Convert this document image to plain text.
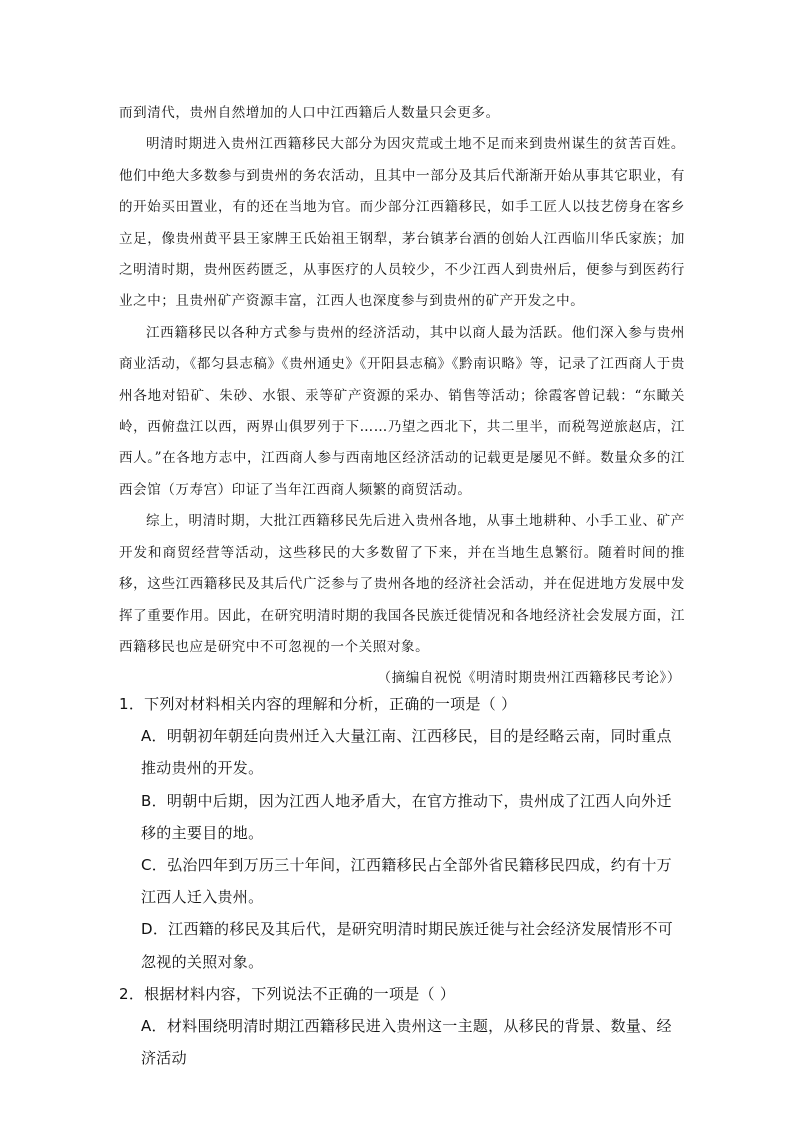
而到清代，贵州自然增加的人口中江西籍后人数量只会更多。

明清时期进入贵州江西籍移民大部分为因灾荒或土地不足而来到贵州谋生的贫苦百姓。他们中绝大多数参与到贵州的务农活动，且其中一部分及其后代渐渐开始从事其它职业，有的开始买田置业，有的还在当地为官。而少部分江西籍移民，如手工匠人以技艺傍身在客乡立足，像贵州黄平县王家牌王氏始祖王钢犁，茅台镇茅台酒的创始人江西临川华氏家族；加之明清时期，贵州医药匮乏，从事医疗的人员较少，不少江西人到贵州后，便参与到医药行业之中；且贵州矿产资源丰富，江西人也深度参与到贵州的矿产开发之中。

江西籍移民以各种方式参与贵州的经济活动，其中以商人最为活跃。他们深入参与贵州商业活动，《都匀县志稿》《贵州通史》《开阳县志稿》《黔南识略》等，记录了江西商人于贵州各地对铅矿、朱砂、水银、汞等矿产资源的采办、销售等活动；徐霞客曾记载：“东瞰关岭，西俯盘江以西，两界山俱罗列于下……乃望之西北下，共二里半，而税驾逆旅赵店，江西人。”在各地方志中，江西商人参与西南地区经济活动的记载更是屡见不鲜。数量众多的江西会馆（万寿宫）印证了当年江西商人频繁的商贸活动。

综上，明清时期，大批江西籍移民先后进入贵州各地，从事土地耕种、小手工业、矿产开发和商贸经营等活动，这些移民的大多数留了下来，并在当地生息繁衍。随着时间的推移，这些江西籍移民及其后代广泛参与了贵州各地的经济社会活动，并在促进地方发展中发挥了重要作用。因此，在研究明清时期的我国各民族迁徙情况和各地经济社会发展方面，江西籍移民也应是研究中不可忽视的一个关照对象。

（摘编自祝悦《明清时期贵州江西籍移民考论》）

1．下列对材料相关内容的理解和分析，正确的一项是（ ）

A．明朝初年朝廷向贵州迁入大量江南、江西移民，目的是经略云南，同时重点推动贵州的开发。

B．明朝中后期，因为江西人地矛盾大，在官方推动下，贵州成了江西人向外迁移的主要目的地。

C．弘治四年到万历三十年间，江西籍移民占全部外省民籍移民四成，约有十万江西人迁入贵州。

D．江西籍的移民及其后代，是研究明清时期民族迁徙与社会经济发展情形不可忽视的关照对象。

2．根据材料内容，下列说法不正确的一项是（ ）

A．材料围绕明清时期江西籍移民进入贵州这一主题，从移民的背景、数量、经济活动
